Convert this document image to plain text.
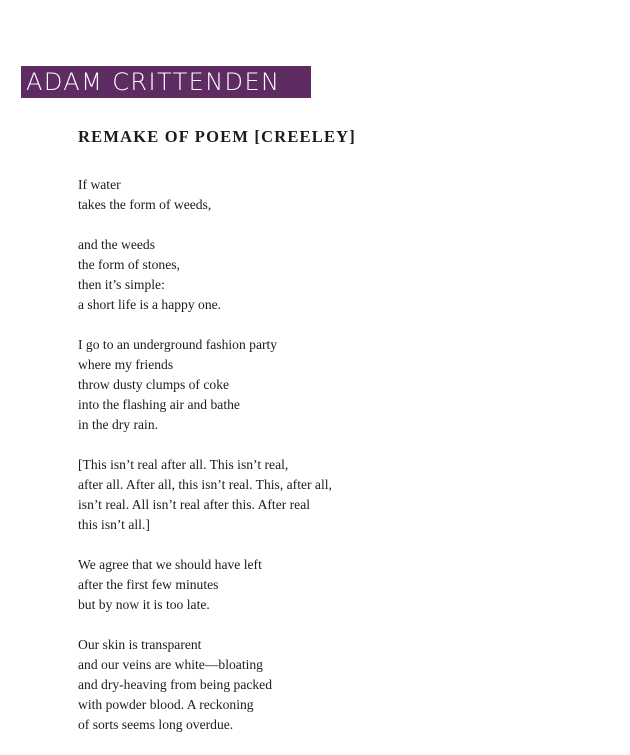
ADAM CRITTENDEN
REMAKE OF POEM [CREELEY]
If water
takes the form of weeds,
and the weeds
the form of stones,
then it’s simple:
a short life is a happy one.
I go to an underground fashion party
where my friends
throw dusty clumps of coke
into the flashing air and bathe
in the dry rain.
[This isn’t real after all. This isn’t real,
after all. After all, this isn’t real. This, after all,
isn’t real. All isn’t real after this. After real
this isn’t all.]
We agree that we should have left
after the first few minutes
but by now it is too late.
Our skin is transparent
and our veins are white—bloating
and dry-heaving from being packed
with powder blood. A reckoning
of sorts seems long overdue.
